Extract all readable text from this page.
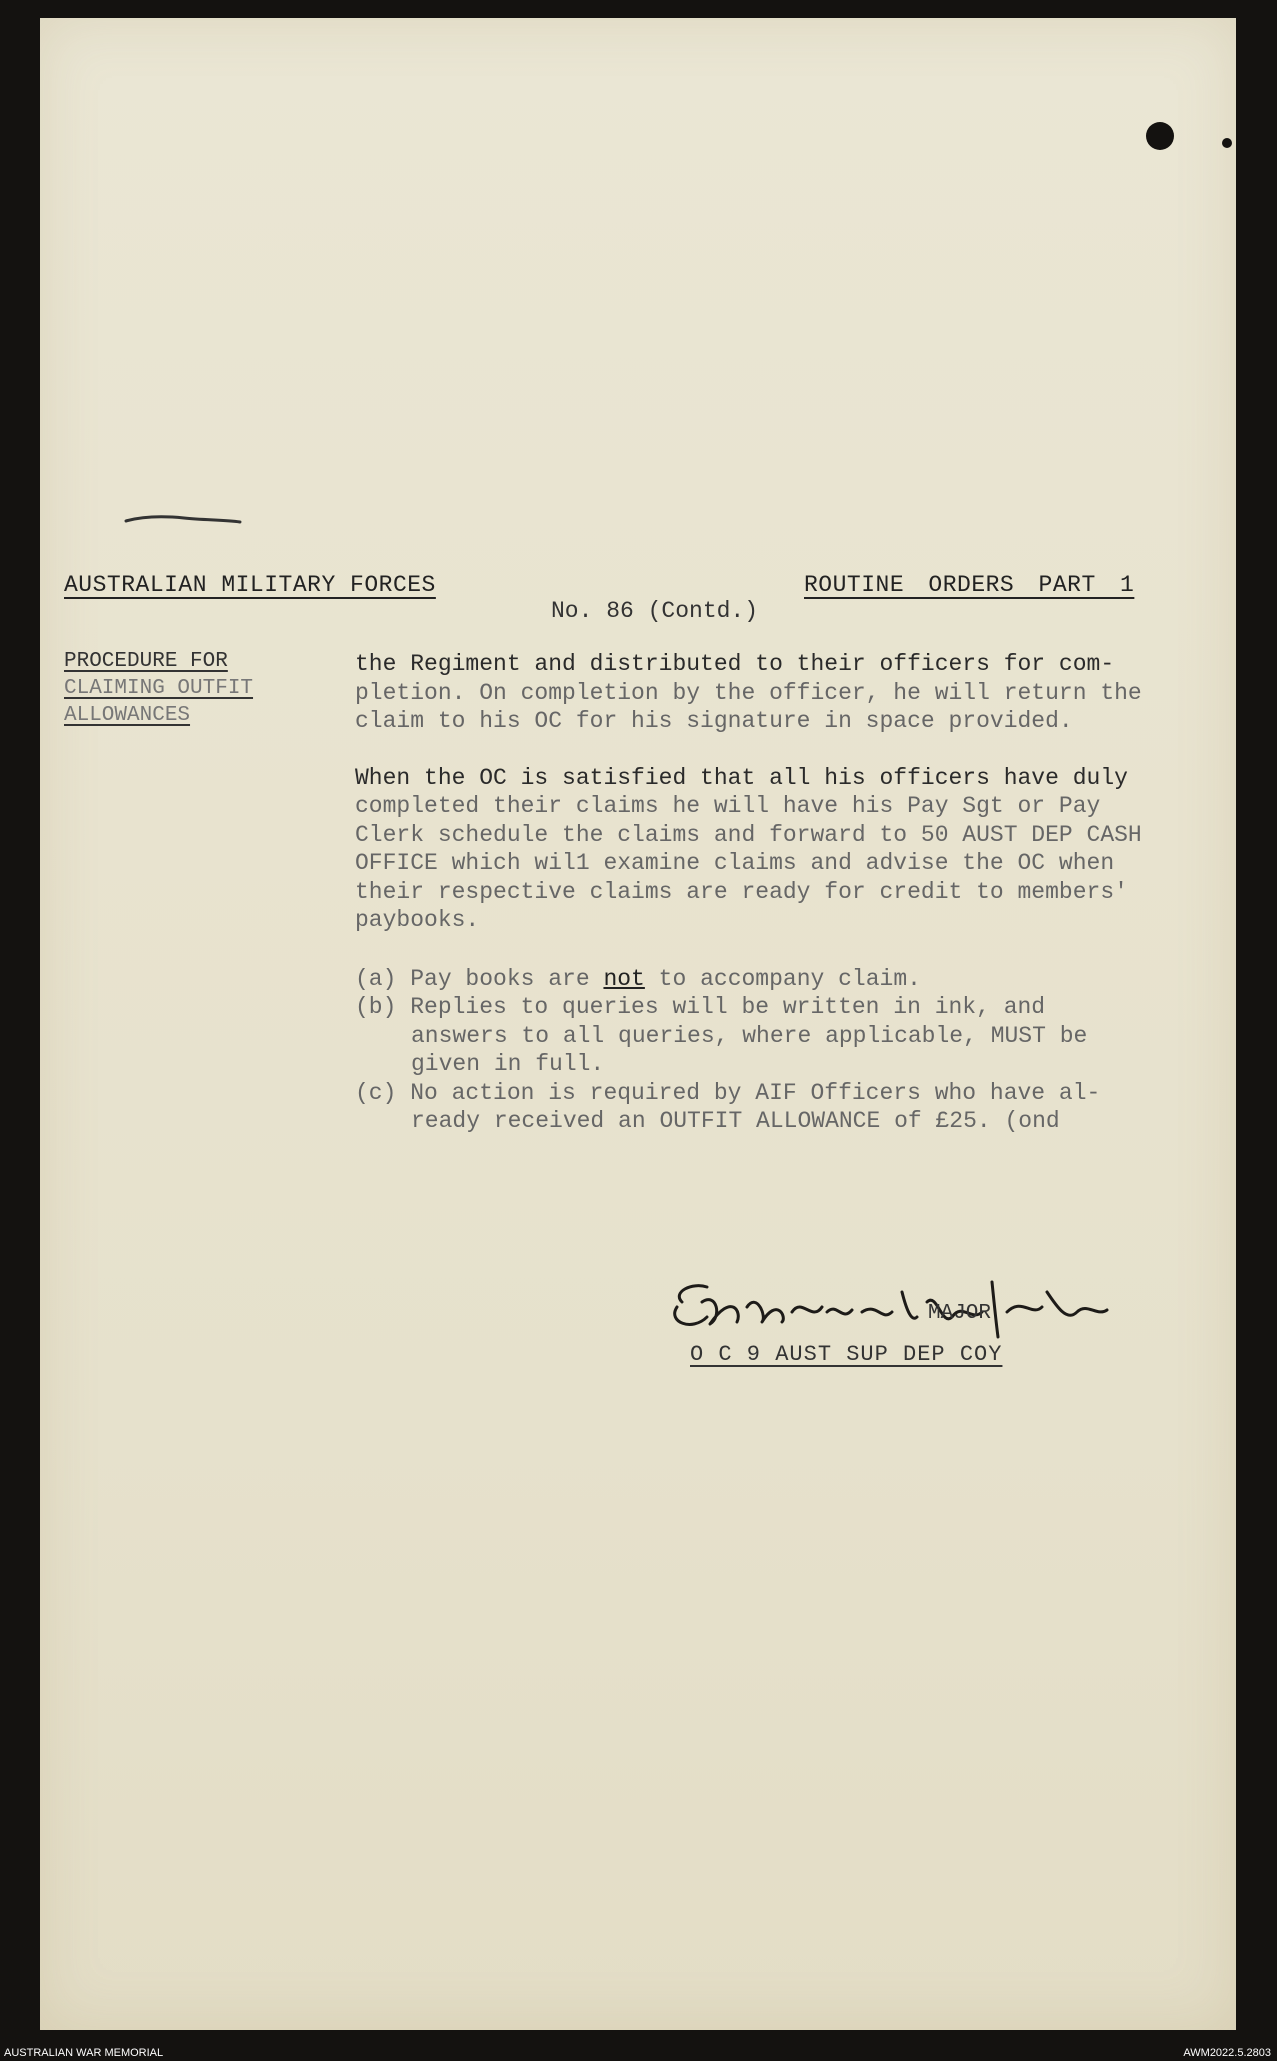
AUSTRALIAN MILITARY FORCES	ROUTINE ORDERS PART 1
No. 86 (Contd.)
PROCEDURE FOR
CLAIMING OUTFIT
ALLOWANCES
the Regiment and distributed to their officers for com-
pletion. On completion by the officer, he will return the
claim to his OC for his signature in space provided.
When the OC is satisfied that all his officers have duly
completed their claims he will have his Pay Sgt or Pay
Clerk schedule the claims and forward to 50 AUST DEP CASH
OFFICE which wil1 examine claims and advise the OC when
their respective claims are ready for credit to members'
paybooks.
(a) Pay books are not to accompany claim.
(b) Replies to queries will be written in ink, and
answers to all queries, where applicable, MUST be
given in full.
(c) No action is required by AIF Officers who have al-
ready received an OUTFIT ALLOWANCE of £25. (ond
MAJOR
O C 9 AUST SUP DEP COY
AUSTRALIAN WAR MEMORIAL	AWM2022.5.2803
